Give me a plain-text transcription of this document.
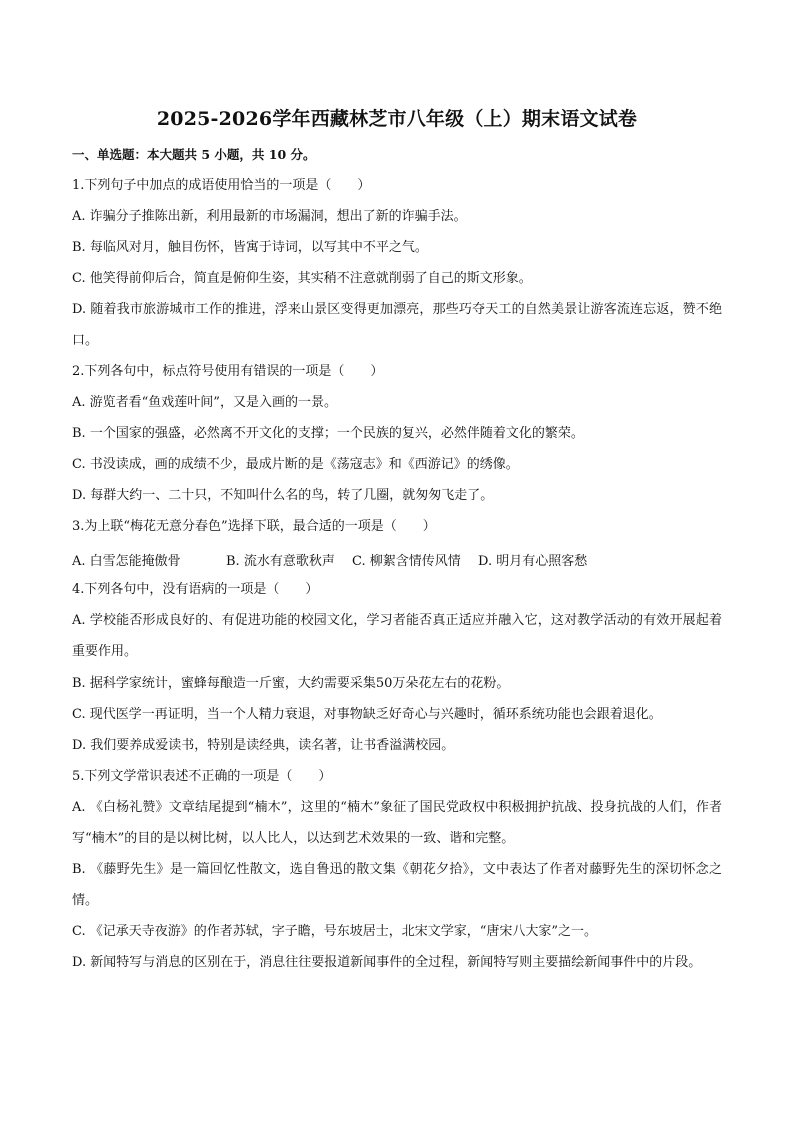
2025-2026学年西藏林芝市八年级（上）期末语文试卷
一、单选题：本大题共 5 小题，共 10 分。
1.下列句子中加点的成语使用恰当的一项是（　　）
A. 诈骗分子推陈出新，利用最新的市场漏洞，想出了新的诈骗手法。
B. 每临风对月，触目伤怀，皆寓于诗词，以写其中不平之气。
C. 他笑得前仰后合，简直是俯仰生姿，其实稍不注意就削弱了自己的斯文形象。
D. 随着我市旅游城市工作的推进，浮来山景区变得更加漂亮，那些巧夺天工的自然美景让游客流连忘返，赞不绝口。
2.下列各句中，标点符号使用有错误的一项是（　　）
A. 游览者看“鱼戏莲叶间”，又是入画的一景。
B. 一个国家的强盛，必然离不开文化的支撑；一个民族的复兴，必然伴随着文化的繁荣。
C. 书没读成，画的成绩不少，最成片断的是《荡寇志》和《西游记》的绣像。
D. 每群大约一、二十只，不知叫什么名的鸟，转了几圈，就匆匆飞走了。
3.为上联“梅花无意分春色”选择下联，最合适的一项是（　　）
A. 白雪怎能掩傲骨	B. 流水有意歌秋声 C. 柳絮含情传风情 D. 明月有心照客愁
4.下列各句中，没有语病的一项是（　　）
A. 学校能否形成良好的、有促进功能的校园文化，学习者能否真正适应并融入它，这对教学活动的有效开展起着重要作用。
B. 据科学家统计，蜜蜂每酿造一斤蜜，大约需要采集50万朵花左右的花粉。
C. 现代医学一再证明，当一个人精力衰退，对事物缺乏好奇心与兴趣时，循环系统功能也会跟着退化。
D. 我们要养成爱读书，特别是读经典，读名著，让书香溢满校园。
5.下列文学常识表述不正确的一项是（　　）
A. 《白杨礼赞》文章结尾提到“楠木”，这里的“楠木”象征了国民党政权中积极拥护抗战、投身抗战的人们，作者写“楠木”的目的是以树比树，以人比人，以达到艺术效果的一致、谐和完整。
B. 《藤野先生》是一篇回忆性散文，选自鲁迅的散文集《朝花夕拾》，文中表达了作者对藤野先生的深切怀念之情。
C. 《记承天寺夜游》的作者苏轼，字子瞻，号东坡居士，北宋文学家，“唐宋八大家”之一。
D. 新闻特写与消息的区别在于，消息往往要报道新闻事件的全过程，新闻特写则主要描绘新闻事件中的片段。
